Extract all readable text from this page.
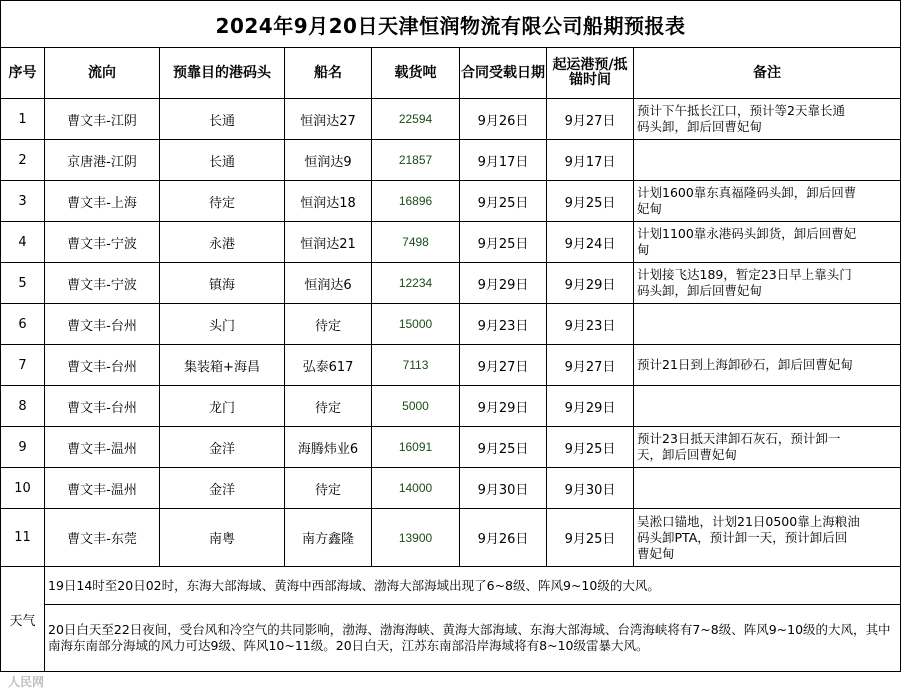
2024年9月20日天津恒润物流有限公司船期预报表							
序号	流向	预靠目的港码头	船名	载货吨	合同受载日期	起运港预/抵锚时间	备注
1	曹文丰-江阴	长通	恒润达27	22594	9月26日	9月27日	预计下午抵长江口，预计等2天靠长通
码头卸，卸后回曹妃甸

2	京唐港-江阴	长通	恒润达9	21857	9月17日	9月17日	
3	曹文丰-上海	待定	恒润达18	16896	9月25日	9月25日	计划1600靠东真福隆码头卸，卸后回曹
妃甸

4	曹文丰-宁波	永港	恒润达21	7498	9月25日	9月24日	计划1100靠永港码头卸货，卸后回曹妃
甸

5	曹文丰-宁波	镇海	恒润达6	12234	9月29日	9月29日	计划接飞达189，暂定23日早上靠头门
码头卸，卸后回曹妃甸

6	曹文丰-台州	头门	待定	15000	9月23日	9月23日	
7	曹文丰-台州	集装箱+海昌	弘泰617	7113	9月27日	9月27日	预计21日到上海卸砂石，卸后回曹妃甸

8	曹文丰-台州	龙门	待定	5000	9月29日	9月29日	
9	曹文丰-温州	金洋	海腾炜业6	16091	9月25日	9月25日	预计23日抵天津卸石灰石，预计卸一
天，卸后回曹妃甸

10	曹文丰-温州	金洋	待定	14000	9月30日	9月30日	
11	曹文丰-东莞	南粤	南方鑫隆	13900	9月26日	9月25日	吴淞口锚地，计划21日0500靠上海粮油
码头卸PTA，预计卸一天，预计卸后回
曹妃甸

天气	19日14时至20日02时，东海大部海域、黄海中西部海域、渤海大部海域出现了6~8级、阵风9~10级的大风。						
	20日白天至22日夜间，受台风和冷空气的共同影响，渤海、渤海海峡、黄海大部海域、东海大部海域、台湾海峡将有7~8级、阵风9~10级的大风，其中南海东南部分海域的风力可达9级、阵风10~11级。20日白天，江苏东南部沿岸海域将有8~10级雷暴大风。						
人民网
